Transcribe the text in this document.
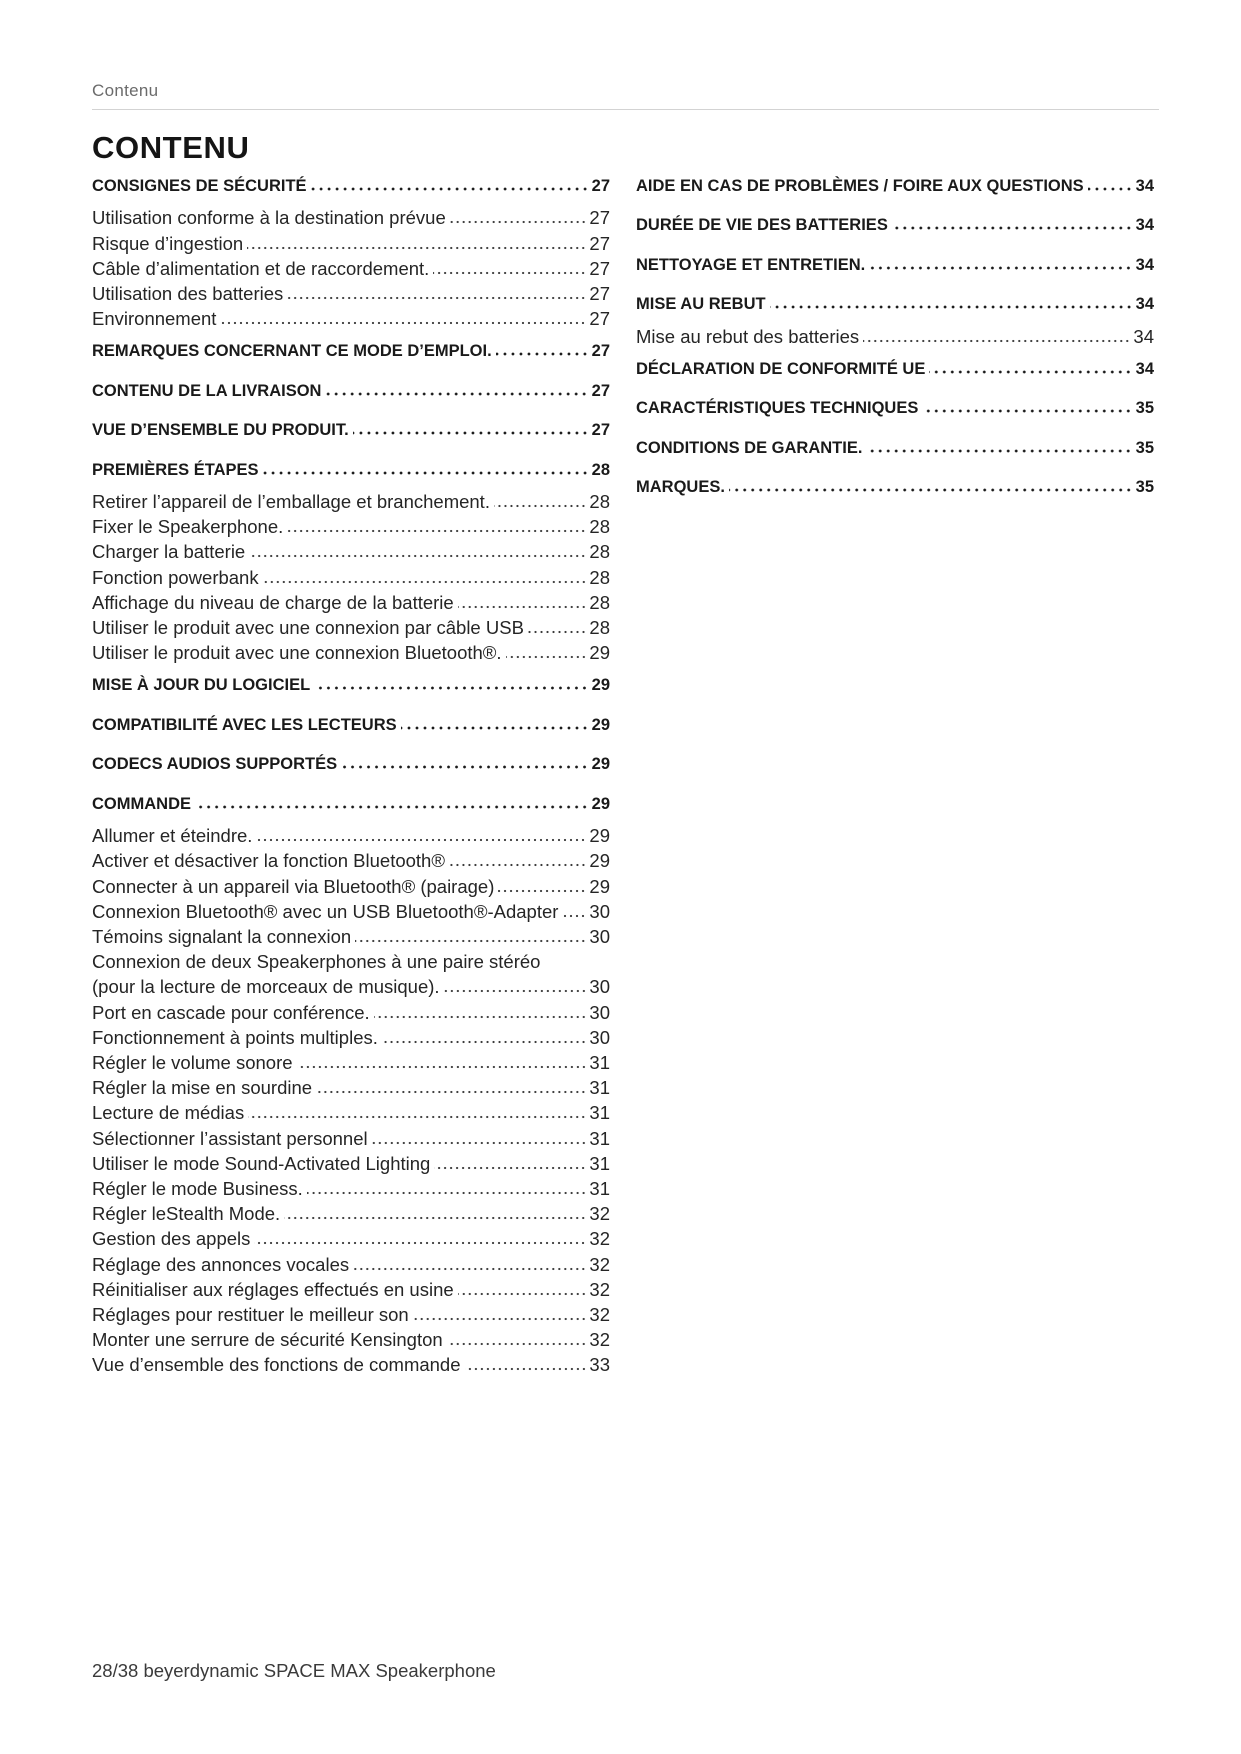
Contenu
CONTENU
CONSIGNES DE SÉCURITÉ	27
Utilisation conforme à la destination prévue	27
Risque d’ingestion	27
Câble d’alimentation et de raccordement.	27
Utilisation des batteries	27
Environnement	27
REMARQUES CONCERNANT CE MODE D’EMPLOI.	27
CONTENU DE LA LIVRAISON	27
VUE D’ENSEMBLE DU PRODUIT.	27
PREMIÈRES ÉTAPES	28
Retirer l’appareil de l’emballage et branchement.	28
Fixer le Speakerphone.	28
Charger la batterie	28
Fonction powerbank	28
Affichage du niveau de charge de la batterie	28
Utiliser le produit avec une connexion par câble USB	28
Utiliser le produit avec une connexion Bluetooth®.	29
MISE À JOUR DU LOGICIEL	29
COMPATIBILITÉ AVEC LES LECTEURS	29
CODECS AUDIOS SUPPORTÉS	29
COMMANDE	29
Allumer et éteindre.	29
Activer et désactiver la fonction Bluetooth®	29
Connecter à un appareil via Bluetooth® (pairage)	29
Connexion Bluetooth® avec un USB Bluetooth®-Adapter 30
Témoins signalant la connexion	30
Connexion de deux Speakerphones à une paire stéréo
(pour la lecture de morceaux de musique).	30
Port en cascade pour conférence.	30
Fonctionnement à points multiples.	30
Régler le volume sonore	31
Régler la mise en sourdine	31
Lecture de médias	31
Sélectionner l’assistant personnel	31
Utiliser le mode Sound-Activated Lighting	31
Régler le mode Business.	31
Régler leStealth Mode.	32
Gestion des appels	32
Réglage des annonces vocales	32
Réinitialiser aux réglages effectués en usine	32
Réglages pour restituer le meilleur son	32
Monter une serrure de sécurité Kensington	32
Vue d’ensemble des fonctions de commande	33
AIDE EN CAS DE PROBLÈMES / FOIRE AUX QUESTIONS	34
DURÉE DE VIE DES BATTERIES	34
NETTOYAGE ET ENTRETIEN.	34
MISE AU REBUT	34
Mise au rebut des batteries	34
DÉCLARATION DE CONFORMITÉ UE	34
CARACTÉRISTIQUES TECHNIQUES	35
CONDITIONS DE GARANTIE.	35
MARQUES.	35
28/38 beyerdynamic SPACE MAX Speakerphone
